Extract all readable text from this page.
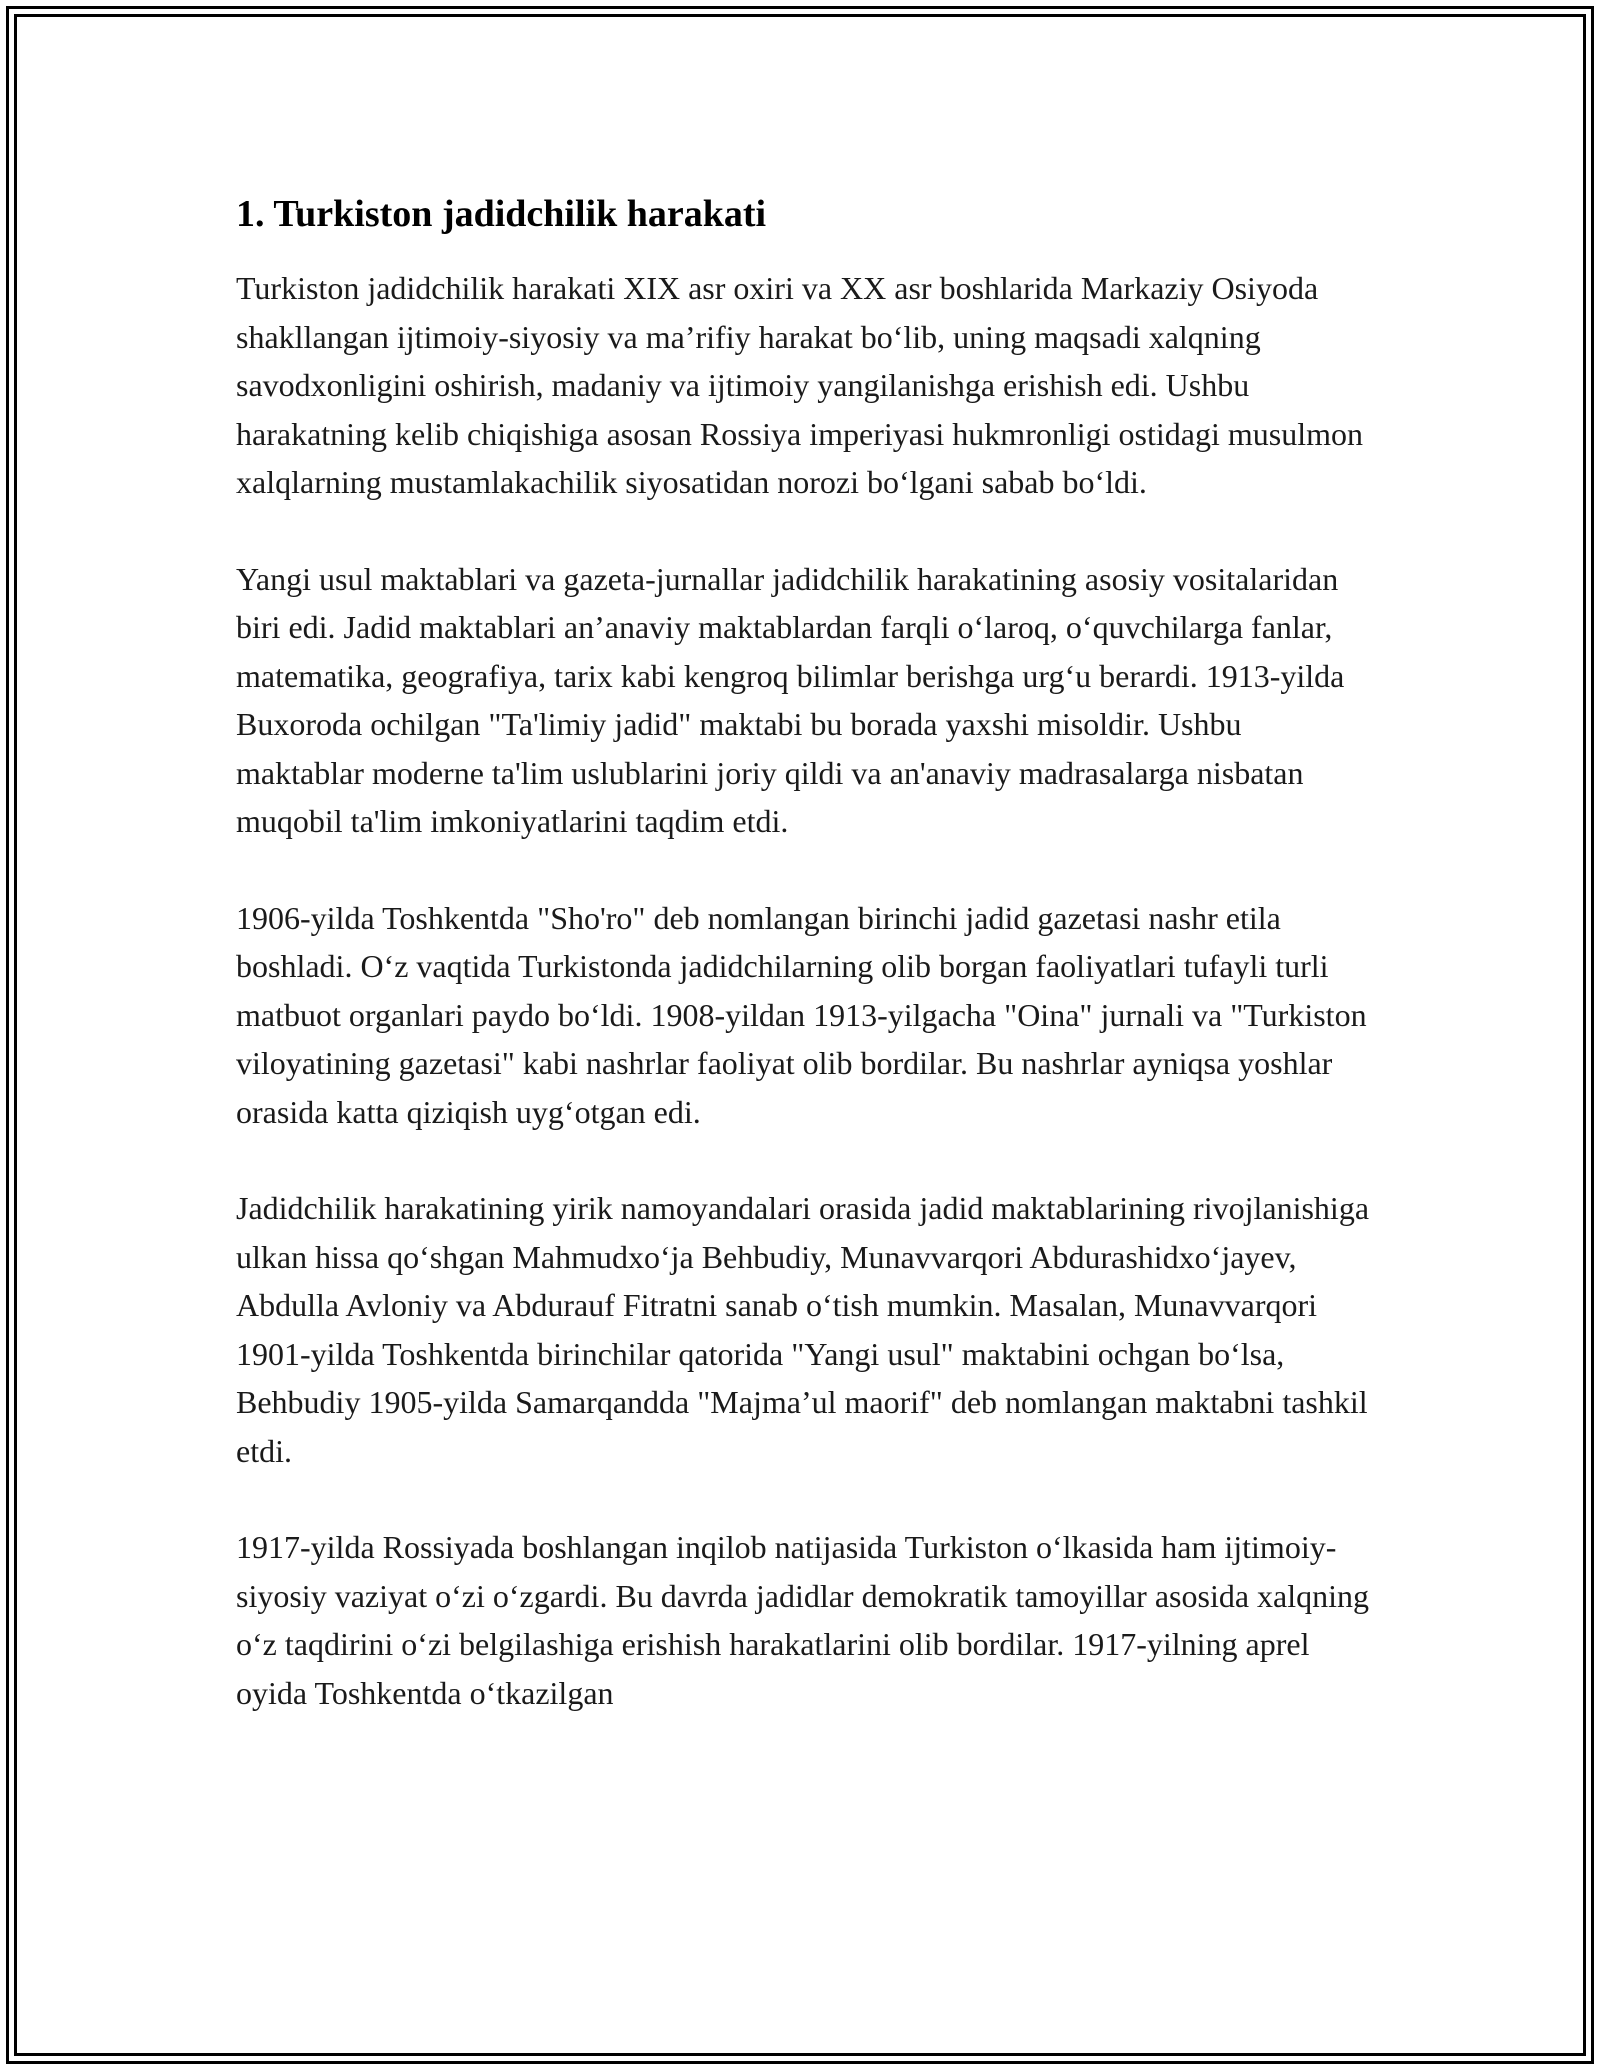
1. Turkiston jadidchilik harakati

Turkiston jadidchilik harakati XIX asr oxiri va XX asr boshlarida Markaziy Osiyoda shakllangan ijtimoiy-siyosiy va ma’rifiy harakat bo‘lib, uning maqsadi xalqning savodxonligini oshirish, madaniy va ijtimoiy yangilanishga erishish edi. Ushbu harakatning kelib chiqishiga asosan Rossiya imperiyasi hukmronligi ostidagi musulmon xalqlarning mustamlakachilik siyosatidan norozi bo‘lgani sabab bo‘ldi.

Yangi usul maktablari va gazeta-jurnallar jadidchilik harakatining asosiy vositalaridan biri edi. Jadid maktablari an’anaviy maktablardan farqli o‘laroq, o‘quvchilarga fanlar, matematika, geografiya, tarix kabi kengroq bilimlar berishga urg‘u berardi. 1913-yilda Buxoroda ochilgan "Ta'limiy jadid" maktabi bu borada yaxshi misoldir. Ushbu maktablar moderne ta'lim uslublarini joriy qildi va an'anaviy madrasalarga nisbatan muqobil ta'lim imkoniyatlarini taqdim etdi.

1906-yilda Toshkentda "Sho'ro" deb nomlangan birinchi jadid gazetasi nashr etila boshladi. O‘z vaqtida Turkistonda jadidchilarning olib borgan faoliyatlari tufayli turli matbuot organlari paydo bo‘ldi. 1908-yildan 1913-yilgacha "Oina" jurnali va "Turkiston viloyatining gazetasi" kabi nashrlar faoliyat olib bordilar. Bu nashrlar ayniqsa yoshlar orasida katta qiziqish uyg‘otgan edi.

Jadidchilik harakatining yirik namoyandalari orasida jadid maktablarining rivojlanishiga ulkan hissa qo‘shgan Mahmudxo‘ja Behbudiy, Munavvarqori Abdurashidxo‘jayev, Abdulla Avloniy va Abdurauf Fitratni sanab o‘tish mumkin. Masalan, Munavvarqori 1901-yilda Toshkentda birinchilar qatorida "Yangi usul" maktabini ochgan bo‘lsa, Behbudiy 1905-yilda Samarqandda "Majma’ul maorif" deb nomlangan maktabni tashkil etdi.

1917-yilda Rossiyada boshlangan inqilob natijasida Turkiston o‘lkasida ham ijtimoiy-siyosiy vaziyat o‘zi o‘zgardi. Bu davrda jadidlar demokratik tamoyillar asosida xalqning o‘z taqdirini o‘zi belgilashiga erishish harakatlarini olib bordilar. 1917-yilning aprel oyida Toshkentda o‘tkazilgan
